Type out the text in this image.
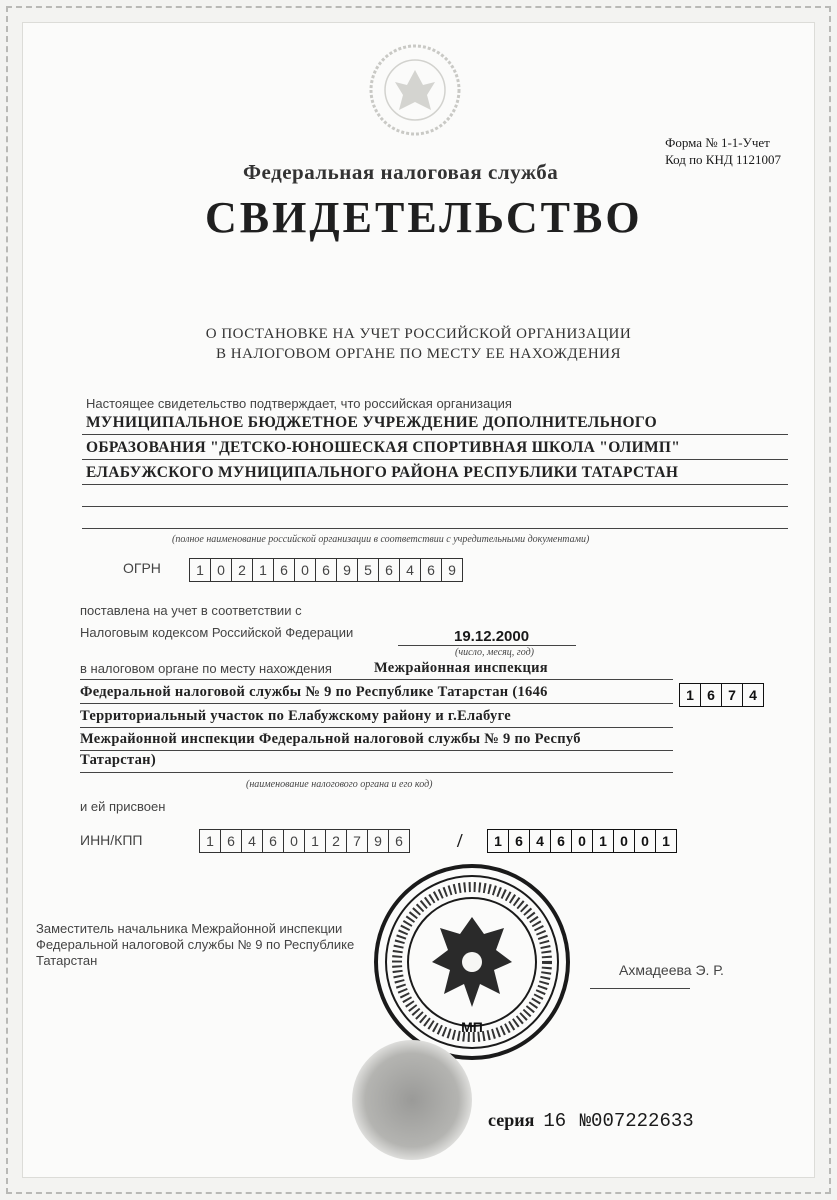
Форма № 1-1-Учет
Код по КНД 1121007
Федеральная налоговая служба
СВИДЕТЕЛЬСТВО
О ПОСТАНОВКЕ НА УЧЕТ РОССИЙСКОЙ ОРГАНИЗАЦИИ
В НАЛОГОВОМ ОРГАНЕ ПО МЕСТУ ЕЕ НАХОЖДЕНИЯ
Настоящее свидетельство подтверждает, что российская организация
МУНИЦИПАЛЬНОЕ БЮДЖЕТНОЕ УЧРЕЖДЕНИЕ ДОПОЛНИТЕЛЬНОГО
ОБРАЗОВАНИЯ "ДЕТСКО-ЮНОШЕСКАЯ СПОРТИВНАЯ ШКОЛА "ОЛИМП"
ЕЛАБУЖСКОГО МУНИЦИПАЛЬНОГО РАЙОНА РЕСПУБЛИКИ ТАТАРСТАН
(полное наименование российской организации в соответствии с учредительными документами)
ОГРН	1 0 2 1 6 0 6 9 5 6 4 6 9
поставлена на учет в соответствии с
Налоговым кодексом Российской Федерации	19.12.2000
(число, месяц, год)
в налоговом органе по месту нахождения	Межрайонная инспекция
Федеральной налоговой службы № 9 по Республике Татарстан (1646	1 6 7 4
Территориальный участок по Елабужскому району и г.Елабуге
Межрайонной инспекции Федеральной налоговой службы № 9 по Респуб
Татарстан)
(наименование налогового органа и его код)
и ей присвоен
ИНН/КПП	1 6 4 6 0 1 2 7 9 6	/	1 6 4 6 0 1 0 0 1
Заместитель начальника Межрайонной инспекции
Федеральной налоговой службы № 9 по Республике
Татарстан
Ахмадеева Э. Р.
МП
серия 16 №007222633
